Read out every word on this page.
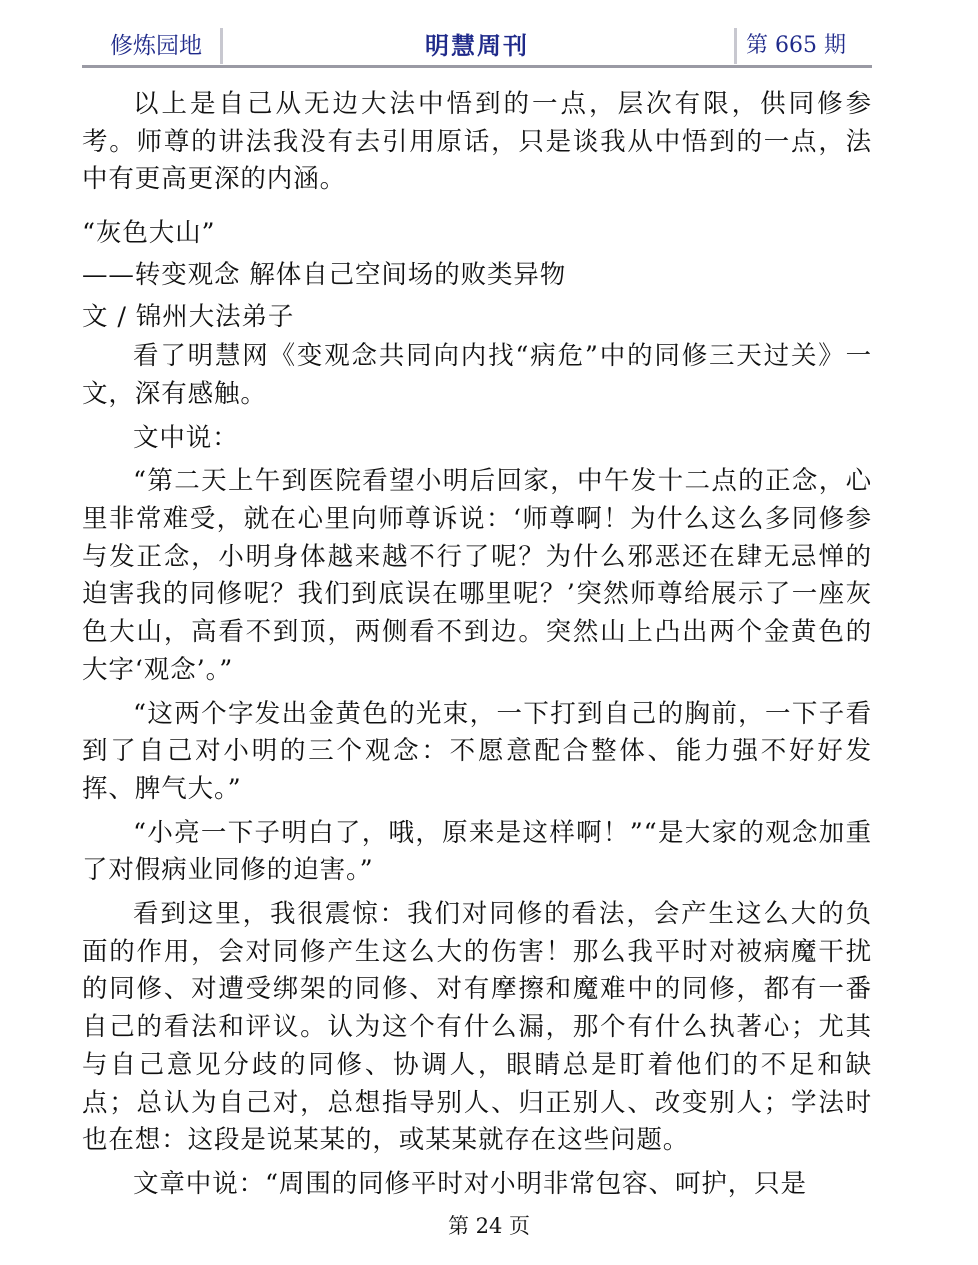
修炼园地	明慧周刊	第 665 期

以上是自己从无边大法中悟到的一点，层次有限，供同修参考。师尊的讲法我没有去引用原话，只是谈我从中悟到的一点，法中有更高更深的内涵。

“灰色大山”

——转变观念 解体自己空间场的败类异物

文 / 锦州大法弟子

看了明慧网《变观念共同向内找“病危”中的同修三天过关》一文，深有感触。

文中说：

“第二天上午到医院看望小明后回家，中午发十二点的正念，心里非常难受，就在心里向师尊诉说：‘师尊啊！为什么这么多同修参与发正念，小明身体越来越不行了呢？为什么邪恶还在肆无忌惮的迫害我的同修呢？我们到底误在哪里呢？’突然师尊给展示了一座灰色大山，高看不到顶，两侧看不到边。突然山上凸出两个金黄色的大字‘观念’。”

“这两个字发出金黄色的光束，一下打到自己的胸前，一下子看到了自己对小明的三个观念：不愿意配合整体、能力强不好好发挥、脾气大。”

“小亮一下子明白了，哦，原来是这样啊！”“是大家的观念加重了对假病业同修的迫害。”

看到这里，我很震惊：我们对同修的看法，会产生这么大的负面的作用，会对同修产生这么大的伤害！那么我平时对被病魔干扰的同修、对遭受绑架的同修、对有摩擦和魔难中的同修，都有一番自己的看法和评议。认为这个有什么漏，那个有什么执著心；尤其与自己意见分歧的同修、协调人，眼睛总是盯着他们的不足和缺点；总认为自己对，总想指导别人、归正别人、改变别人；学法时也在想：这段是说某某的，或某某就存在这些问题。

文章中说：“周围的同修平时对小明非常包容、呵护，只是

第 24 页
